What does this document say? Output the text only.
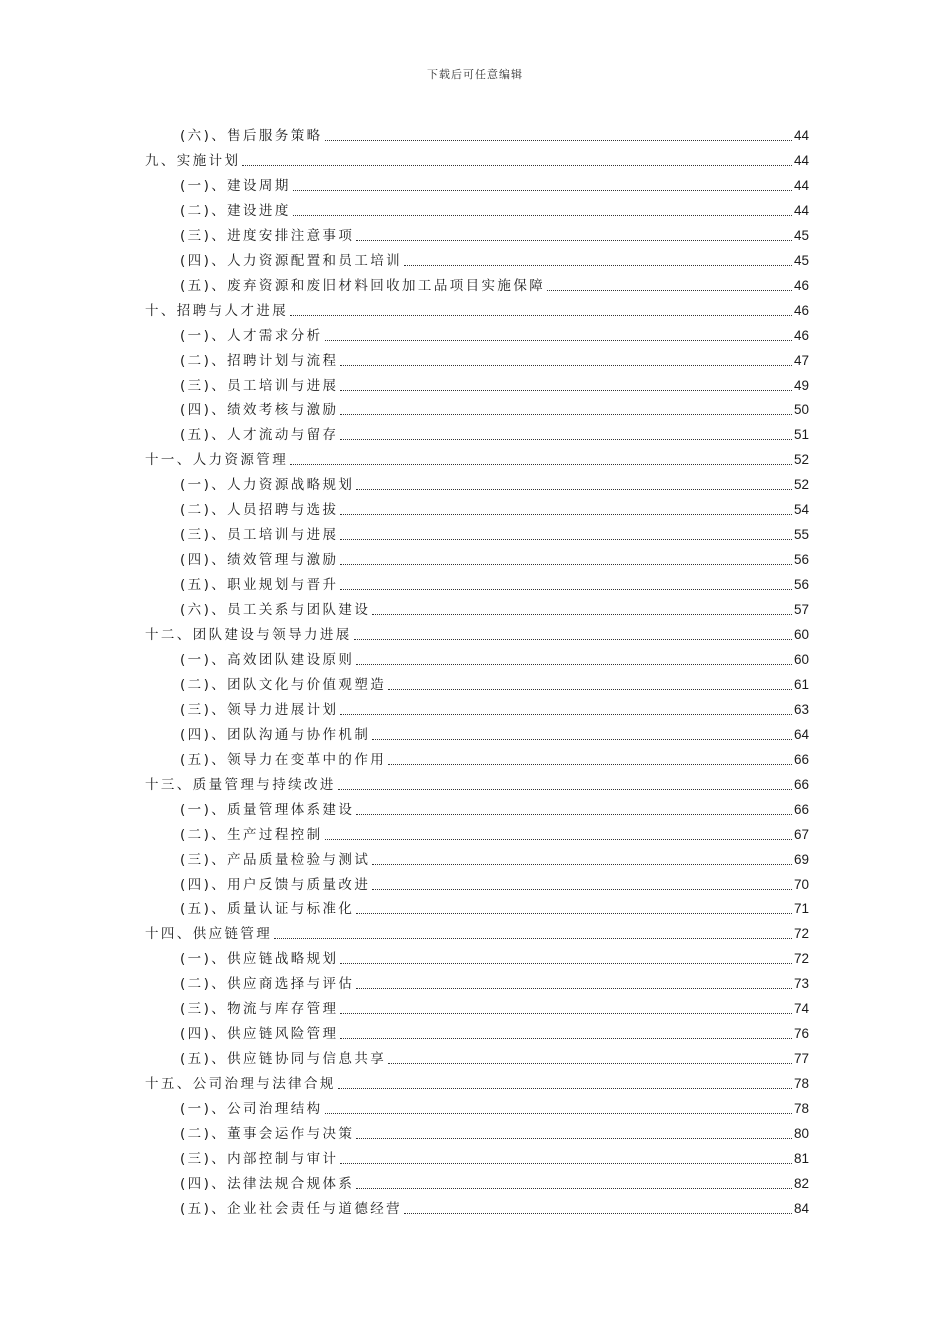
下载后可任意编辑
(六)、售后服务策略	44
九、实施计划	44
(一)、建设周期	44
(二)、建设进度	44
(三)、进度安排注意事项	45
(四)、人力资源配置和员工培训	45
(五)、废弃资源和废旧材料回收加工品项目实施保障	46
十、招聘与人才进展	46
(一)、人才需求分析	46
(二)、招聘计划与流程	47
(三)、员工培训与进展	49
(四)、绩效考核与激励	50
(五)、人才流动与留存	51
十一、人力资源管理	52
(一)、人力资源战略规划	52
(二)、人员招聘与选拔	54
(三)、员工培训与进展	55
(四)、绩效管理与激励	56
(五)、职业规划与晋升	56
(六)、员工关系与团队建设	57
十二、团队建设与领导力进展	60
(一)、高效团队建设原则	60
(二)、团队文化与价值观塑造	61
(三)、领导力进展计划	63
(四)、团队沟通与协作机制	64
(五)、领导力在变革中的作用	66
十三、质量管理与持续改进	66
(一)、质量管理体系建设	66
(二)、生产过程控制	67
(三)、产品质量检验与测试	69
(四)、用户反馈与质量改进	70
(五)、质量认证与标准化	71
十四、供应链管理	72
(一)、供应链战略规划	72
(二)、供应商选择与评估	73
(三)、物流与库存管理	74
(四)、供应链风险管理	76
(五)、供应链协同与信息共享	77
十五、公司治理与法律合规	78
(一)、公司治理结构	78
(二)、董事会运作与决策	80
(三)、内部控制与审计	81
(四)、法律法规合规体系	82
(五)、企业社会责任与道德经营	84
